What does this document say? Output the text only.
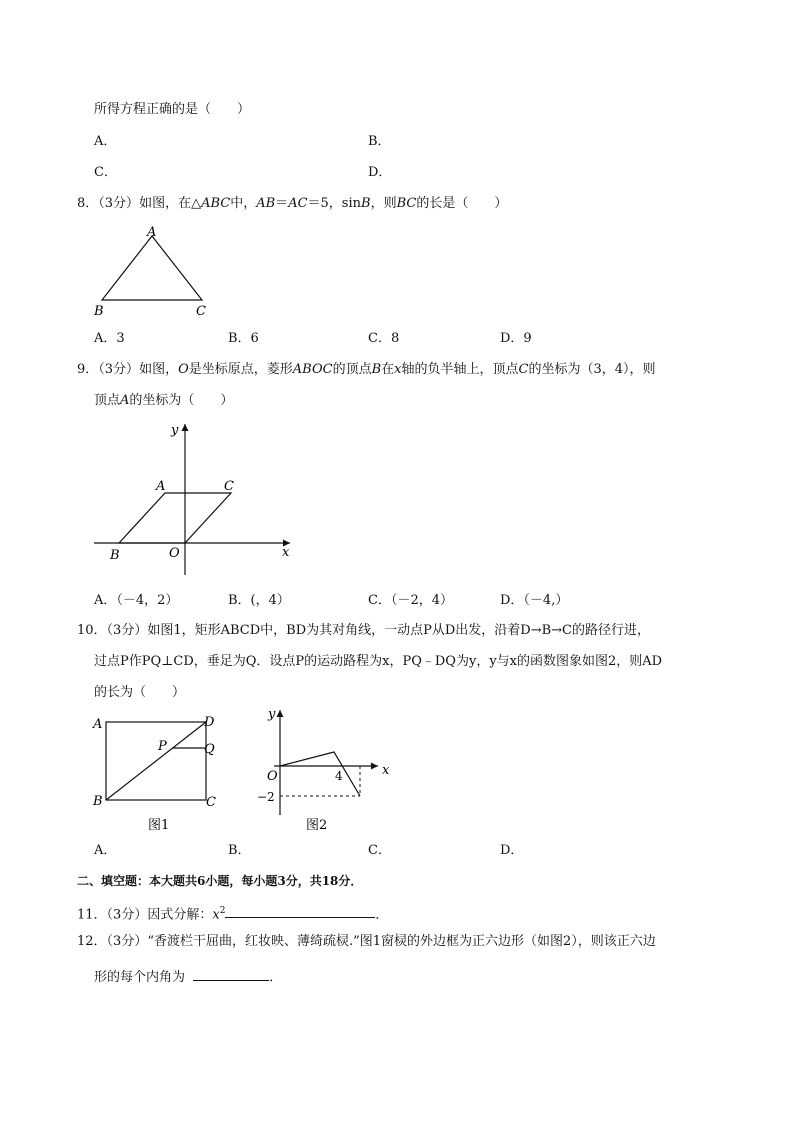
所得方程正确的是（　　）
A．	B．
C．	D．
8．（3分）如图，在△ABC中，AB＝AC＝5，sinB，则BC的长是（　　）
A
B	C
A．3	B．6	C．8	D．9
9．（3分）如图，O是坐标原点，菱形ABOC的顶点B在x轴的负半轴上，顶点C的坐标为（3，4），则
顶点A的坐标为（　　）
y
x
A	C
B	O
A．（－4，2）	B．(，4）	C．（－2，4）	D．（－4,）
10．（3分）如图1，矩形ABCD中，BD为其对角线，一动点P从D出发，沿着D→B→C的路径行进，
过点P作PQ⊥CD，垂足为Q．设点P的运动路程为x，PQ﹣DQ为y，y与x的函数图象如图2，则AD
的长为（　　）
A	D
P	Q
B	C
图1
y
x
O	4
−2
图2
A．	B．	C．	D．
二、填空题：本大题共6小题，每小题3分，共18分．
11．（3分）因式分解：$x^2$	．
12．（3分）“香渡栏干屈曲，红妆映、薄绮疏棂.”图1窗棂的外边框为正六边形（如图2），则该正六边
形的每个内角为	．
